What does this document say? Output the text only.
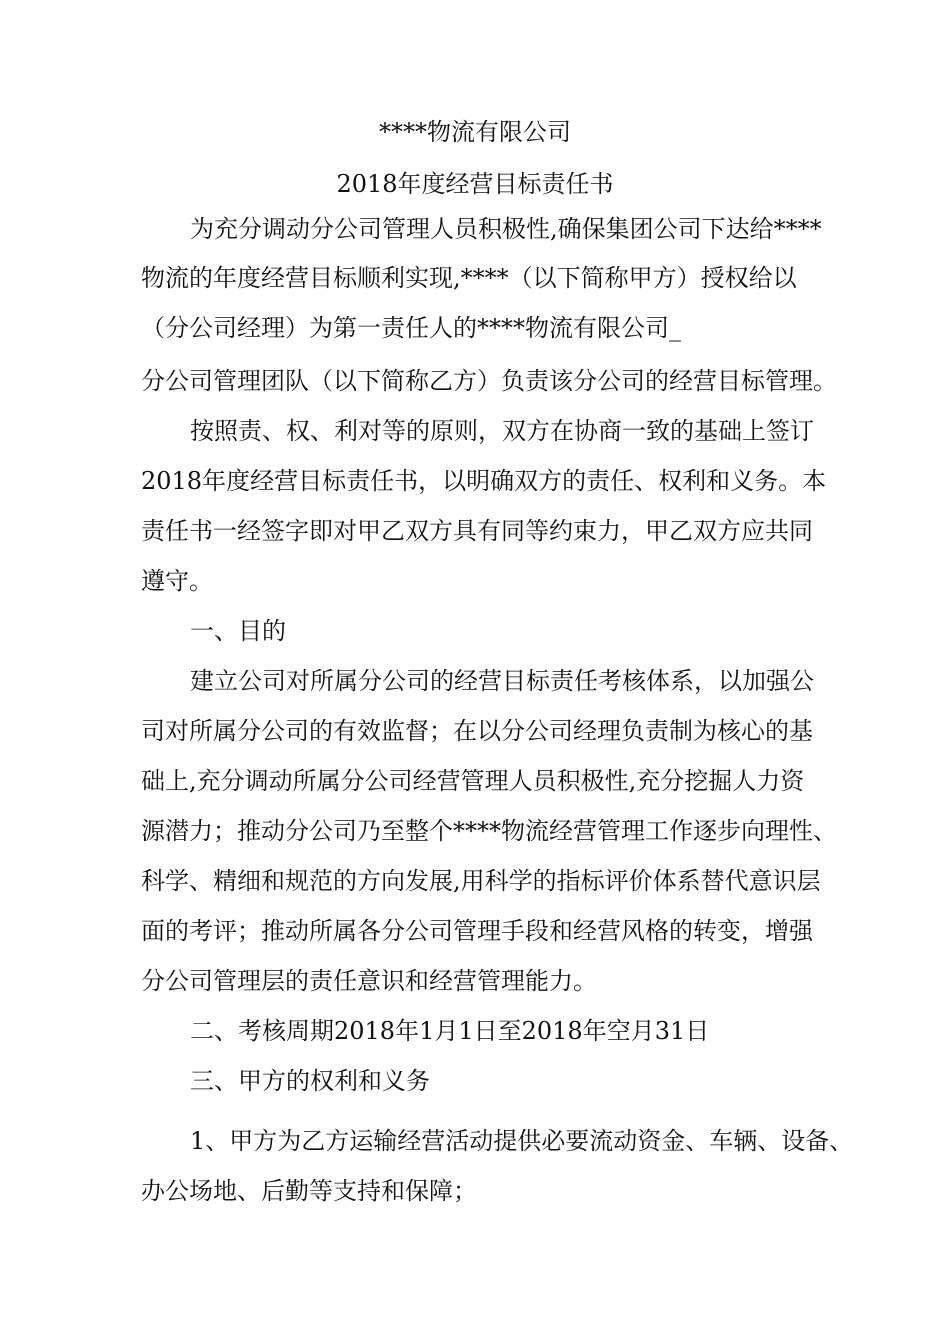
****物流有限公司
2018年度经营目标责任书
为充分调动分公司管理人员积极性,确保集团公司下达给****
物流的年度经营目标顺利实现,****（以下简称甲方）授权给以
（分公司经理）为第一责任人的****物流有限公司_
分公司管理团队（以下简称乙方）负责该分公司的经营目标管理。
按照责、权、利对等的原则，双方在协商一致的基础上签订
2018年度经营目标责任书，以明确双方的责任、权利和义务。本
责任书一经签字即对甲乙双方具有同等约束力，甲乙双方应共同
遵守。
一、目的
建立公司对所属分公司的经营目标责任考核体系，以加强公
司对所属分公司的有效监督；在以分公司经理负责制为核心的基
础上,充分调动所属分公司经营管理人员积极性,充分挖掘人力资
源潜力；推动分公司乃至整个****物流经营管理工作逐步向理性、
科学、精细和规范的方向发展,用科学的指标评价体系替代意识层
面的考评；推动所属各分公司管理手段和经营风格的转变，增强
分公司管理层的责任意识和经营管理能力。
二、考核周期2018年1月1日至2018年空月31日
三、甲方的权利和义务
1、甲方为乙方运输经营活动提供必要流动资金、车辆、设备、
办公场地、后勤等支持和保障；
